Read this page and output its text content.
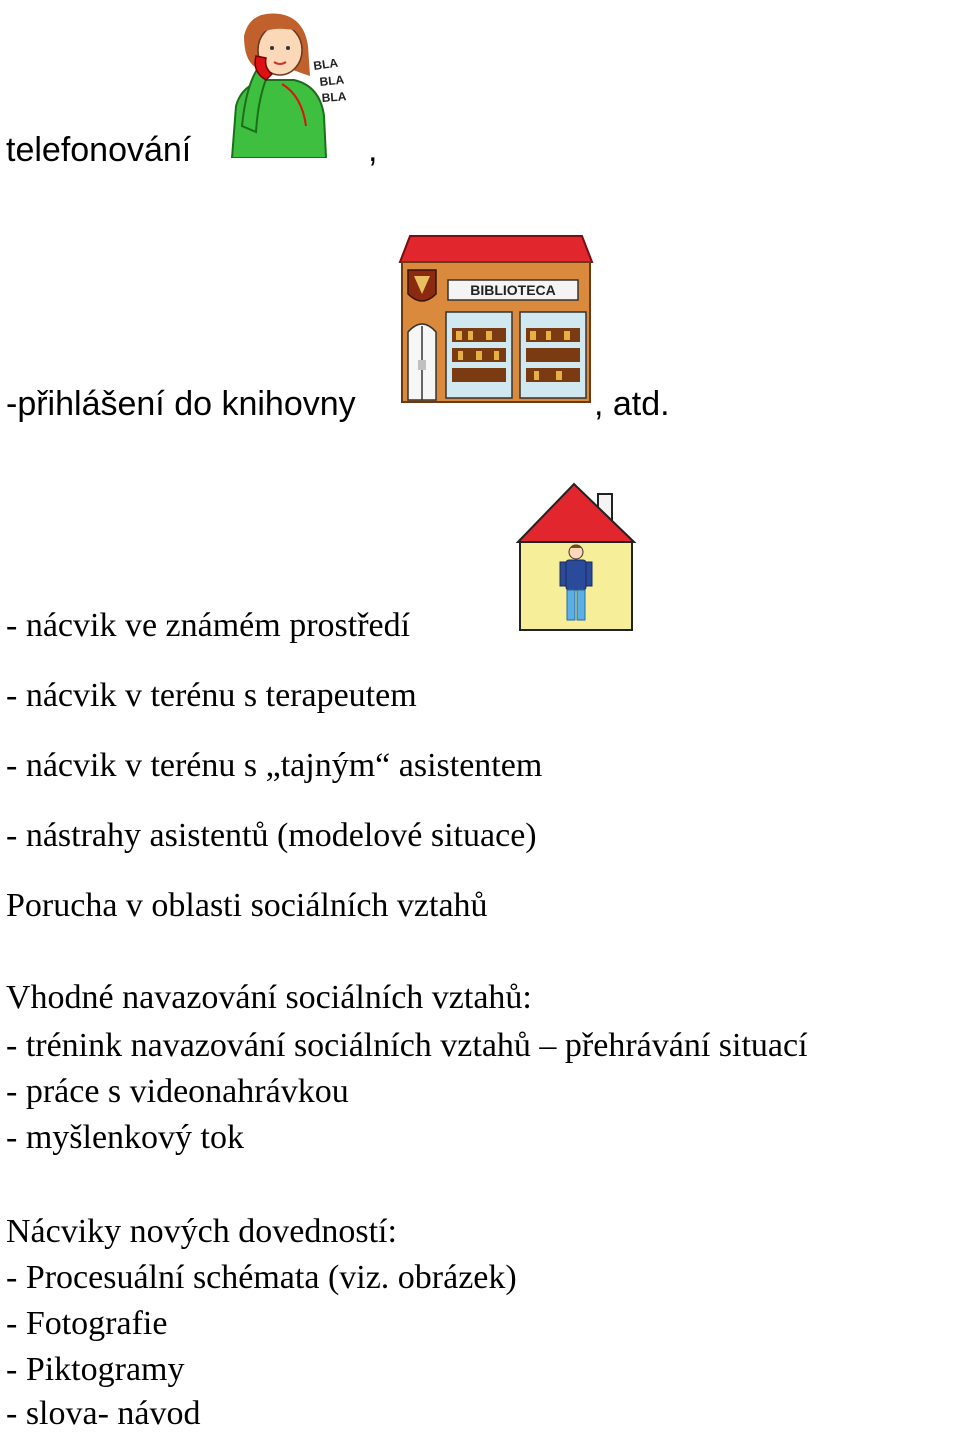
telefonování
BLA
BLA
BLA
,
-přihlášení do knihovny
BIBLIOTECA
, atd.
- nácvik ve známém prostředí
- nácvik v terénu s terapeutem
- nácvik v terénu s „tajným“ asistentem
- nástrahy asistentů (modelové situace)
Porucha v oblasti sociálních vztahů
Vhodné navazování sociálních vztahů:
- trénink navazování sociálních vztahů – přehrávání situací
- práce s videonahrávkou
- myšlenkový tok
Nácviky nových dovedností:
- Procesuální schémata (viz. obrázek)
- Fotografie
- Piktogramy
- slova- návod
